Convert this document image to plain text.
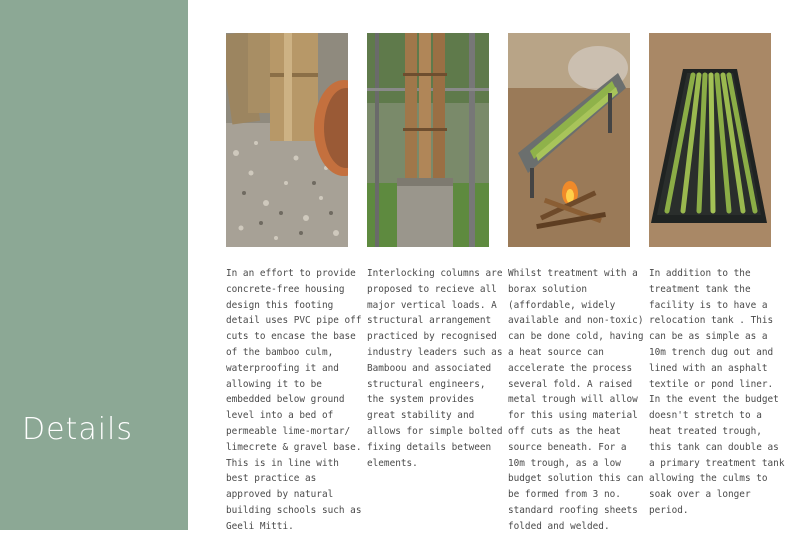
Details
In an effort to provide concrete-free housing design this footing detail uses PVC pipe off cuts to encase the base of the bamboo culm, waterproofing it and allowing it to be embedded below ground level into a bed of permeable lime-mortar/ limecrete & gravel base. This is in line with best practice as approved by natural building schools such as Geeli Mitti.
Interlocking columns are proposed to recieve all major vertical loads. A structural arrangement practiced by recognised industry leaders such as Bamboou and associated structural engineers, the system provides great stability and allows for simple bolted fixing details between elements.
Whilst treatment with a borax solution (affordable, widely available and non-toxic) can be done cold, having a heat source can accelerate the process several fold. A raised metal trough will allow for this using material off cuts as the heat source beneath. For a 10m trough, as a low budget solution this can be formed from 3 no. standard roofing sheets folded and welded.
In addition to the treatment tank the facility is to have a relocation tank . This can be as simple as a 10m trench dug out and lined with an asphalt textile or pond liner. In the event the budget doesn't stretch to a heat treated trough, this tank can double as a primary treatment tank allowing the culms to soak over a longer period.
